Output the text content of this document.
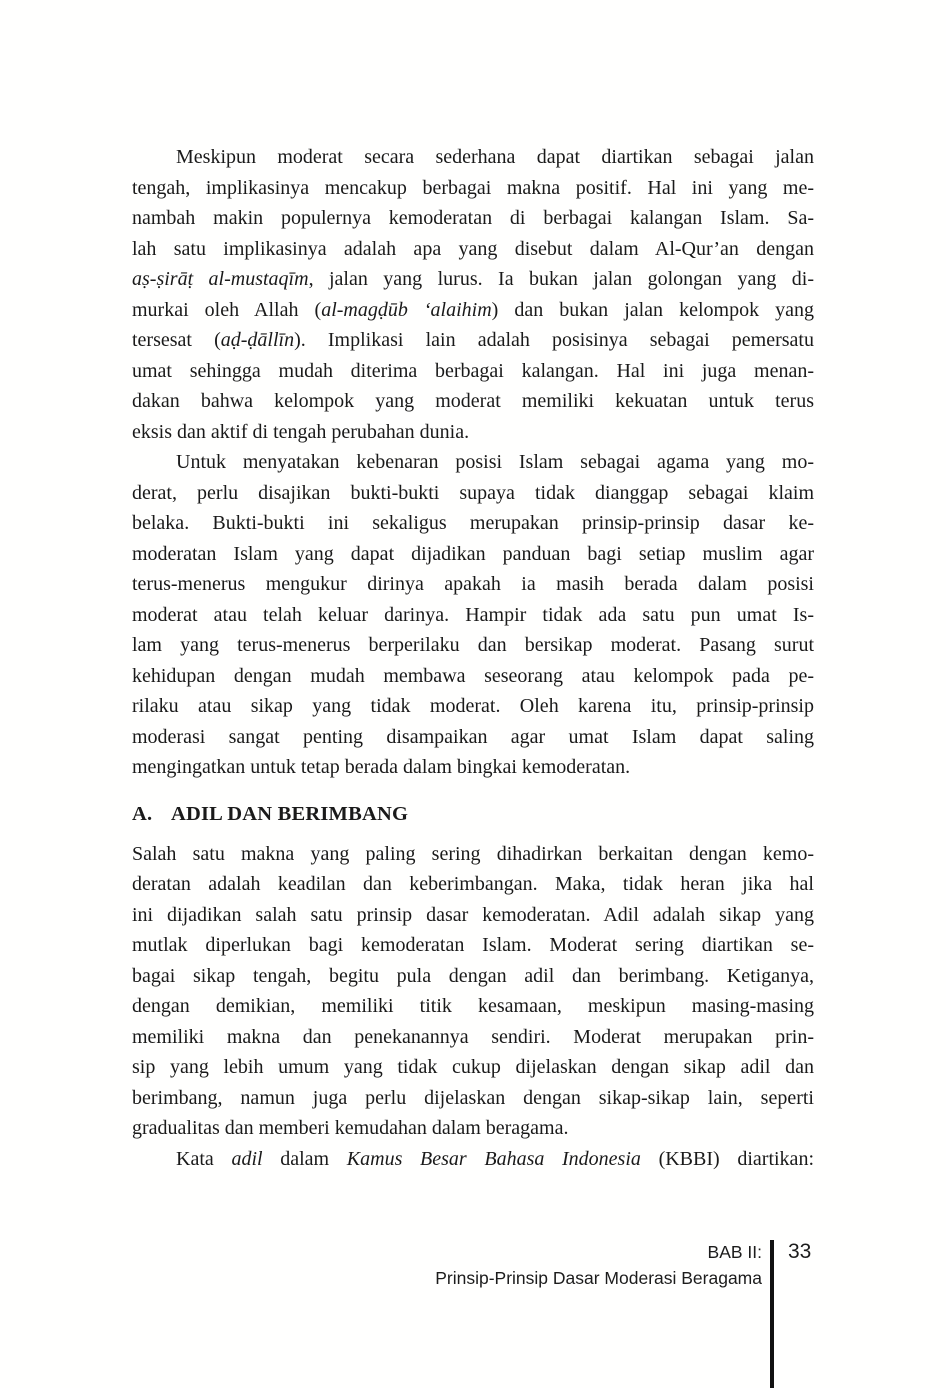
Meskipun moderat secara sederhana dapat diartikan sebagai jalan
tengah, implikasinya mencakup berbagai makna positif. Hal ini yang me-
nambah makin populernya kemoderatan di berbagai kalangan Islam. Sa-
lah satu implikasinya adalah apa yang disebut dalam Al-Qur’an dengan
aṣ-ṣirāṭ al-mustaqīm, jalan yang lurus. Ia bukan jalan golongan yang di-
murkai oleh Allah (al-magḍūb ‘alaihim) dan bukan jalan kelompok yang
tersesat (aḍ-ḍāllīn). Implikasi lain adalah posisinya sebagai pemersatu
umat sehingga mudah diterima berbagai kalangan. Hal ini juga menan-
dakan bahwa kelompok yang moderat memiliki kekuatan untuk terus
eksis dan aktif di tengah perubahan dunia.
Untuk menyatakan kebenaran posisi Islam sebagai agama yang mo-
derat, perlu disajikan bukti-bukti supaya tidak dianggap sebagai klaim
belaka. Bukti-bukti ini sekaligus merupakan prinsip-prinsip dasar ke-
moderatan Islam yang dapat dijadikan panduan bagi setiap muslim agar
terus-menerus mengukur dirinya apakah ia masih berada dalam posisi
moderat atau telah keluar darinya. Hampir tidak ada satu pun umat Is-
lam yang terus-menerus berperilaku dan bersikap moderat. Pasang surut
kehidupan dengan mudah membawa seseorang atau kelompok pada pe-
rilaku atau sikap yang tidak moderat. Oleh karena itu, prinsip-prinsip
moderasi sangat penting disampaikan agar umat Islam dapat saling
mengingatkan untuk tetap berada dalam bingkai kemoderatan.
A. ADIL DAN BERIMBANG
Salah satu makna yang paling sering dihadirkan berkaitan dengan kemo-
deratan adalah keadilan dan keberimbangan. Maka, tidak heran jika hal
ini dijadikan salah satu prinsip dasar kemoderatan. Adil adalah sikap yang
mutlak diperlukan bagi kemoderatan Islam. Moderat sering diartikan se-
bagai sikap tengah, begitu pula dengan adil dan berimbang. Ketiganya,
dengan demikian, memiliki titik kesamaan, meskipun masing-masing
memiliki makna dan penekanannya sendiri. Moderat merupakan prin-
sip yang lebih umum yang tidak cukup dijelaskan dengan sikap adil dan
berimbang, namun juga perlu dijelaskan dengan sikap-sikap lain, seperti
gradualitas dan memberi kemudahan dalam beragama.
Kata adil dalam Kamus Besar Bahasa Indonesia (KBBI) diartikan:
BAB II:
Prinsip-Prinsip Dasar Moderasi Beragama
33
